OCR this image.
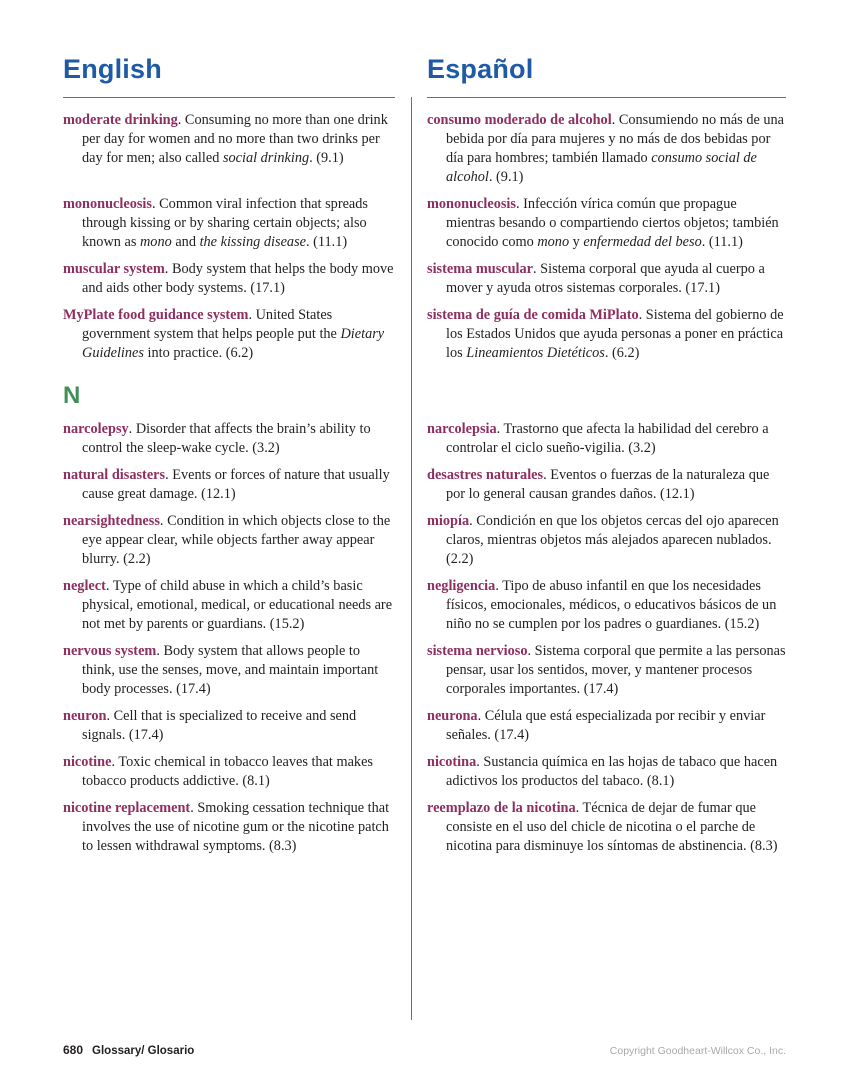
English	Español

moderate drinking. Consuming no more than one drink per day for women and no more than two drinks per day for men; also called social drinking. (9.1)

consumo moderado de alcohol. Consumiendo no más de una bebida por día para mujeres y no más de dos bebidas por día para hombres; también llamado consumo social de alcohol. (9.1)

mononucleosis. Common viral infection that spreads through kissing or by sharing certain objects; also known as mono and the kissing disease. (11.1)

mononucleosis. Infección vírica común que propague mientras besando o compartiendo ciertos objetos; también conocido como mono y enfermedad del beso. (11.1)

muscular system. Body system that helps the body move and aids other body systems. (17.1)

sistema muscular. Sistema corporal que ayuda al cuerpo a mover y ayuda otros sistemas corporales. (17.1)

MyPlate food guidance system. United States government system that helps people put the Dietary Guidelines into practice. (6.2)

sistema de guía de comida MiPlato. Sistema del gobierno de los Estados Unidos que ayuda personas a poner en práctica los Lineamientos Dietéticos. (6.2)

N

narcolepsy. Disorder that affects the brain’s ability to control the sleep-wake cycle. (3.2)

narcolepsia. Trastorno que afecta la habilidad del cerebro a controlar el ciclo sueño-vigilia. (3.2)

natural disasters. Events or forces of nature that usually cause great damage. (12.1)

desastres naturales. Eventos o fuerzas de la naturaleza que por lo general causan grandes daños. (12.1)

nearsightedness. Condition in which objects close to the eye appear clear, while objects farther away appear blurry. (2.2)

miopía. Condición en que los objetos cercas del ojo aparecen claros, mientras objetos más alejados aparecen nublados. (2.2)

neglect. Type of child abuse in which a child’s basic physical, emotional, medical, or educational needs are not met by parents or guardians. (15.2)

negligencia. Tipo de abuso infantil en que los necesidades físicos, emocionales, médicos, o educativos básicos de un niño no se cumplen por los padres o guardianes. (15.2)

nervous system. Body system that allows people to think, use the senses, move, and maintain important body processes. (17.4)

sistema nervioso. Sistema corporal que permite a las personas pensar, usar los sentidos, mover, y mantener procesos corporales importantes. (17.4)

neuron. Cell that is specialized to receive and send signals. (17.4)

neurona. Célula que está especializada por recibir y enviar señales. (17.4)

nicotine. Toxic chemical in tobacco leaves that makes tobacco products addictive. (8.1)

nicotina. Sustancia química en las hojas de tabaco que hacen adictivos los productos del tabaco. (8.1)

nicotine replacement. Smoking cessation technique that involves the use of nicotine gum or the nicotine patch to lessen withdrawal symptoms. (8.3)

reemplazo de la nicotina. Técnica de dejar de fumar que consiste en el uso del chicle de nicotina o el parche de nicotina para disminuye los síntomas de abstinencia. (8.3)

680 Glossary/ Glosario	Copyright Goodheart-Willcox Co., Inc.
